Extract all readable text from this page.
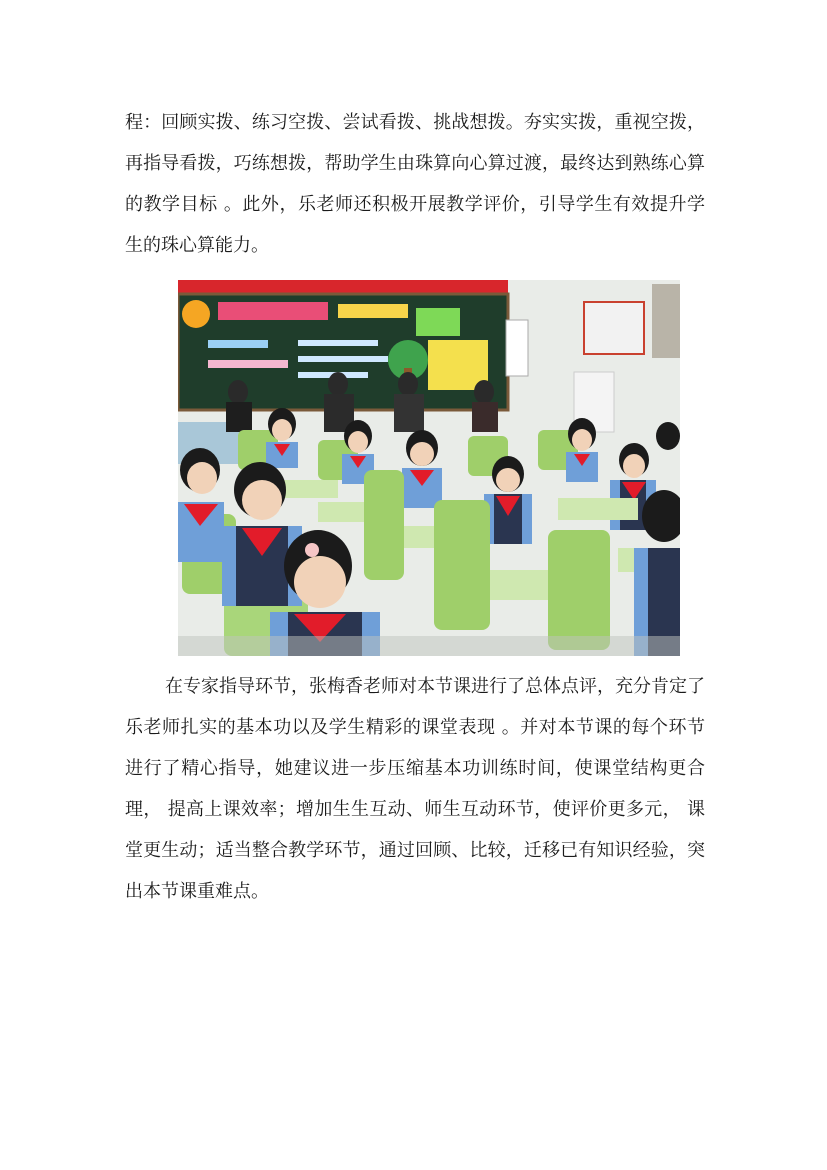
程：回顾实拨、练习空拨、尝试看拨、挑战想拨。夯实实拨，重视空拨，再指导看拨，巧练想拨，帮助学生由珠算向心算过渡，最终达到熟练心算的教学目标 。此外，乐老师还积极开展教学评价，引导学生有效提升学生的珠心算能力。

在专家指导环节，张梅香老师对本节课进行了总体点评，充分肯定了乐老师扎实的基本功以及学生精彩的课堂表现 。并对本节课的每个环节进行了精心指导，她建议进一步压缩基本功训练时间，使课堂结构更合理， 提高上课效率；增加生生互动、师生互动环节，使评价更多元， 课堂更生动；适当整合教学环节，通过回顾、比较，迁移已有知识经验，突出本节课重难点。
